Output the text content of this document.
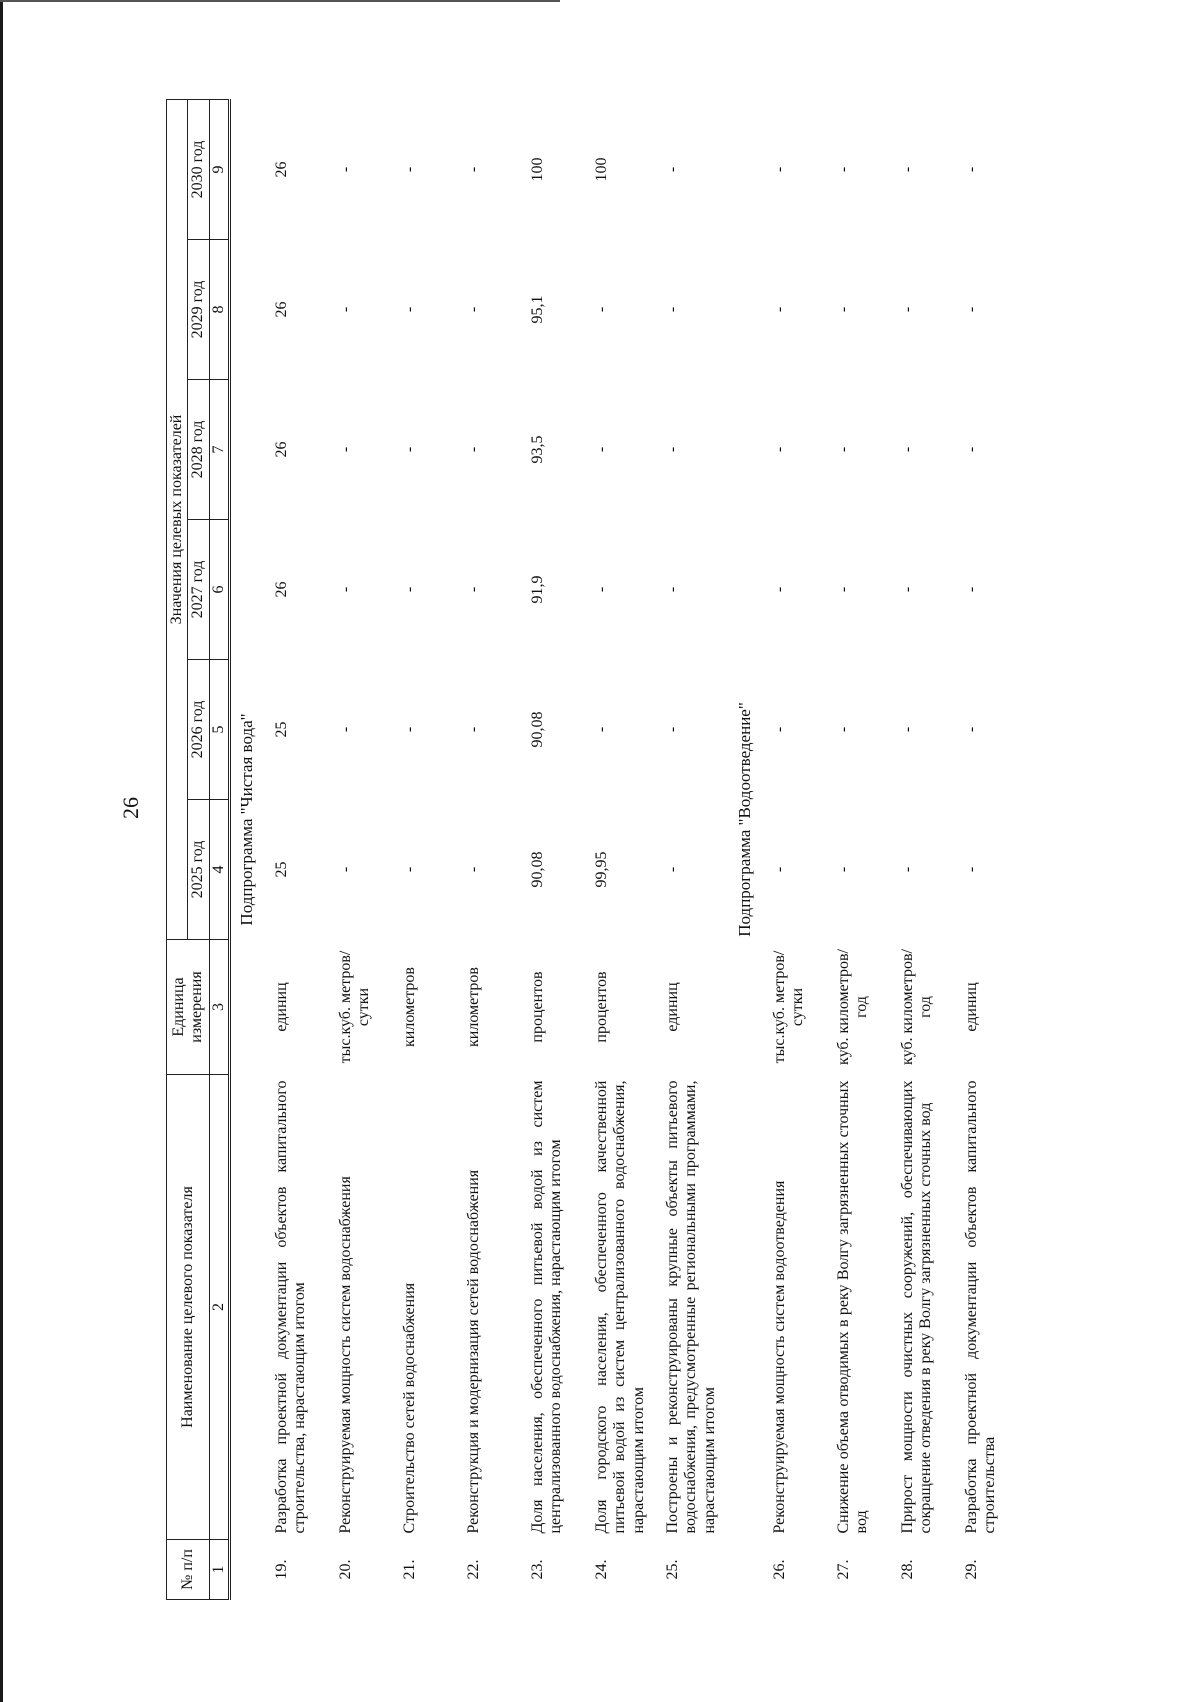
26
№ п/п	Наименование целевого показателя	Единица измерения	Значения целевых показателей					
			2025 год	2026 год	2027 год	2028 год	2029 год	2030 год
1	2	3	4	5	6	7	8	9
	Подпрограмма "Чистая вода"							
19.	Разработка проектной документации объектов капитального строительства, нарастающим итогом	единиц	25	25	26	26	26	26
20.	Реконструируемая мощность систем водоснабжения	тыс.куб. метров/сутки	-	-	-	-	-	-
21.	Строительство сетей водоснабжения	километров	-	-	-	-	-	-
22.	Реконструкция и модернизация сетей водоснабжения	километров	-	-	-	-	-	-
23.	Доля населения, обеспеченного питьевой водой из систем централизованного водоснабжения, нарастающим итогом	процентов	90,08	90,08	91,9	93,5	95,1	100
24.	Доля городского населения, обеспеченного качественной питьевой водой из систем централизованного водоснабжения, нарастающим итогом	процентов	99,95	-	-	-	-	100
25.	Построены и реконструированы крупные объекты питьевого водоснабжения, предусмотренные региональными программами, нарастающим итогом	единиц	-	-	-	-	-	-
	Подпрограмма "Водоотведение"							
26.	Реконструируемая мощность систем водоотведения	тыс.куб. метров/сутки	-	-	-	-	-	-
27.	Снижение объема отводимых в реку Волгу загрязненных сточных вод	куб. километров/год	-	-	-	-	-	-
28.	Прирост мощности очистных сооружений, обеспечивающих сокращение отведения в реку Волгу загрязненных сточных вод	куб. километров/год	-	-	-	-	-	-
29.	Разработка проектной документации объектов капитального строительства	единиц	-	-	-	-	-	-
